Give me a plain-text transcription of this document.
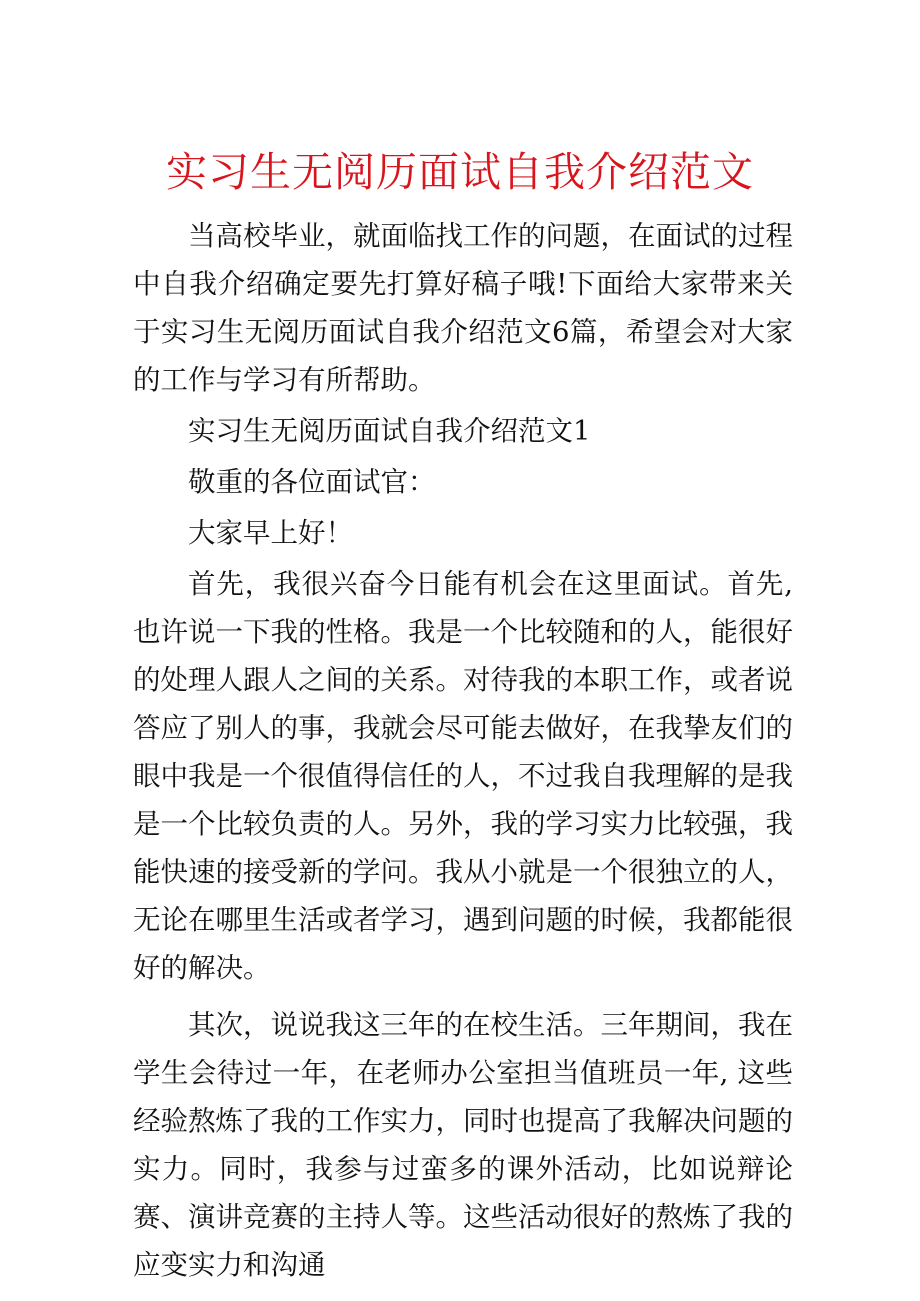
实习生无阅历面试自我介绍范文

当高校毕业，就面临找工作的问题，在面试的过程中自我介绍确定要先打算好稿子哦!下面给大家带来关于实习生无阅历面试自我介绍范文6篇，希望会对大家的工作与学习有所帮助。

实习生无阅历面试自我介绍范文1

敬重的各位面试官：

大家早上好！

首先，我很兴奋今日能有机会在这里面试。首先, 也许说一下我的性格。我是一个比较随和的人，能很好的处理人跟人之间的关系。对待我的本职工作，或者说答应了别人的事，我就会尽可能去做好，在我挚友们的眼中我是一个很值得信任的人，不过我自我理解的是我是一个比较负责的人。另外，我的学习实力比较强，我能快速的接受新的学问。我从小就是一个很独立的人，无论在哪里生活或者学习，遇到问题的时候，我都能很好的解决。

其次，说说我这三年的在校生活。三年期间，我在学生会待过一年，在老师办公室担当值班员一年, 这些经验熬炼了我的工作实力，同时也提高了我解决问题的实力。同时，我参与过蛮多的课外活动，比如说辩论赛、演讲竞赛的主持人等。这些活动很好的熬炼了我的应变实力和沟通
